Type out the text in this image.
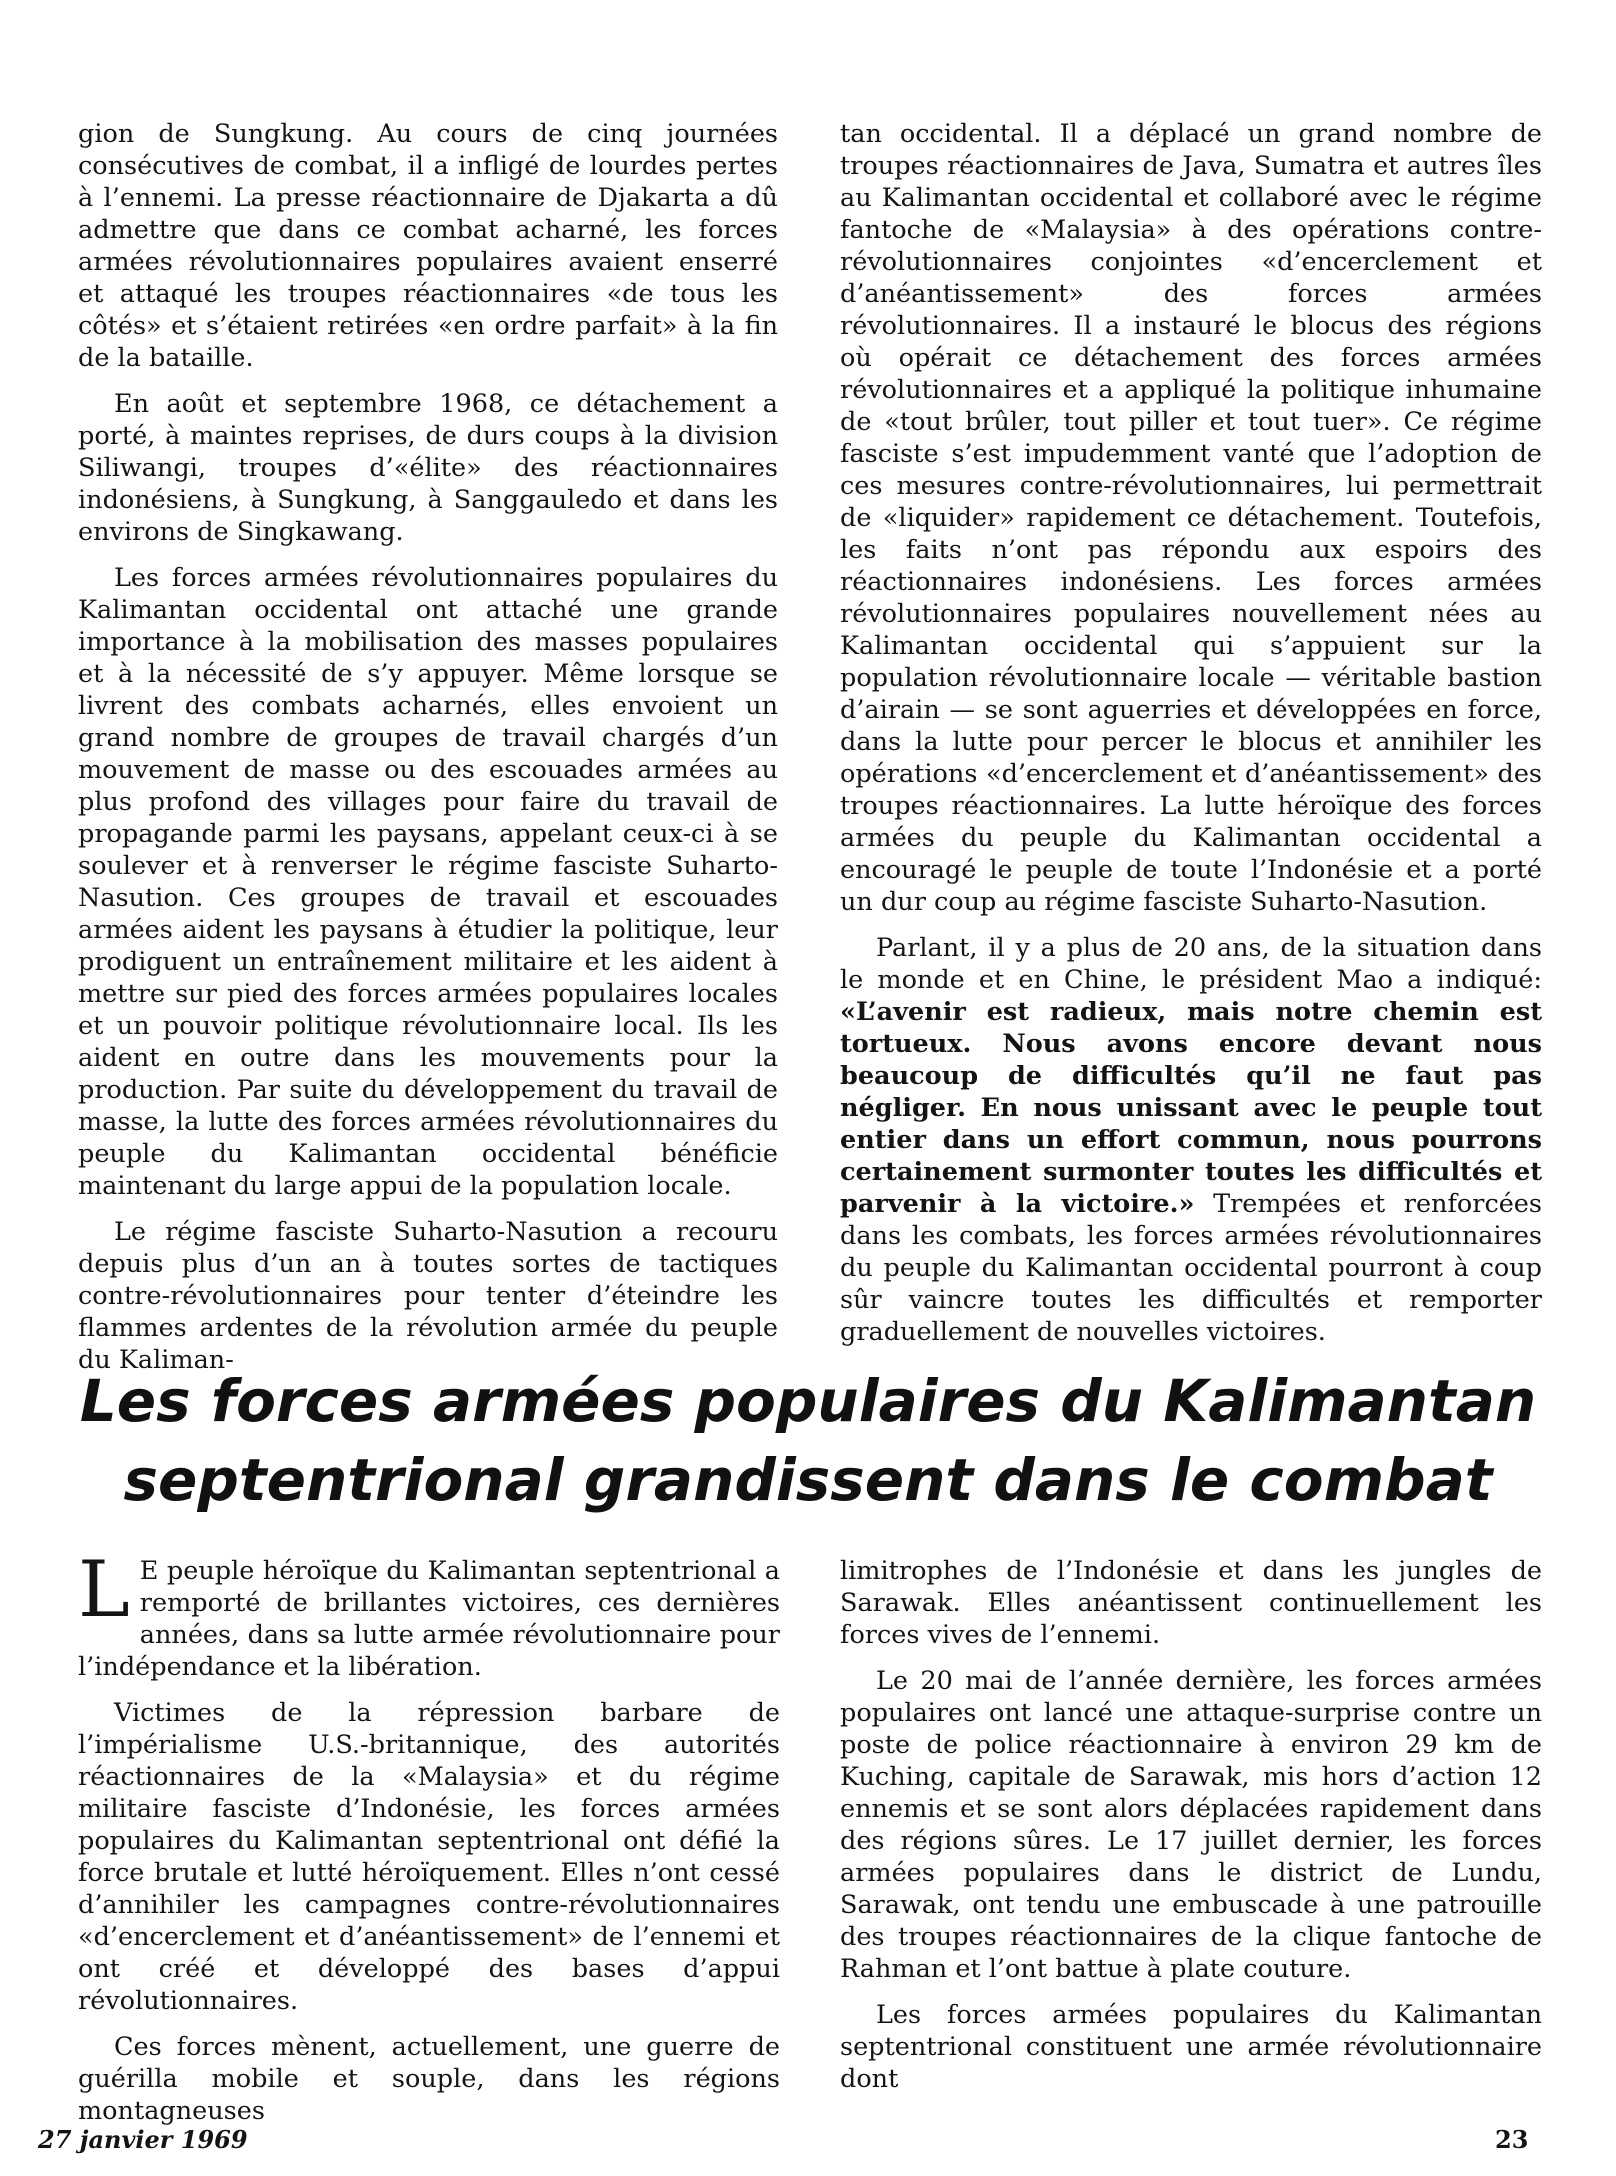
gion de Sungkung. Au cours de cinq journées consécutives de combat, il a infligé de lourdes pertes à l’ennemi. La presse réactionnaire de Djakarta a dû admettre que dans ce combat acharné, les forces armées révolutionnaires populaires avaient enserré et attaqué les troupes réactionnaires «de tous les côtés» et s’étaient retirées «en ordre parfait» à la fin de la bataille.

En août et septembre 1968, ce détachement a porté, à maintes reprises, de durs coups à la division Siliwangi, troupes d’«élite» des réactionnaires indonésiens, à Sungkung, à Sanggauledo et dans les environs de Singkawang.

Les forces armées révolutionnaires populaires du Kalimantan occidental ont attaché une grande importance à la mobilisation des masses populaires et à la nécessité de s’y appuyer. Même lorsque se livrent des combats acharnés, elles envoient un grand nombre de groupes de travail chargés d’un mouvement de masse ou des escouades armées au plus profond des villages pour faire du travail de propagande parmi les paysans, appelant ceux-ci à se soulever et à renverser le régime fasciste Suharto-Nasution. Ces groupes de travail et escouades armées aident les paysans à étudier la politique, leur prodiguent un entraînement militaire et les aident à mettre sur pied des forces armées populaires locales et un pouvoir politique révolutionnaire local. Ils les aident en outre dans les mouvements pour la production. Par suite du développement du travail de masse, la lutte des forces armées révolutionnaires du peuple du Kalimantan occidental bénéficie maintenant du large appui de la population locale.

Le régime fasciste Suharto-Nasution a recouru depuis plus d’un an à toutes sortes de tactiques contre-révolutionnaires pour tenter d’éteindre les flammes ardentes de la révolution armée du peuple du Kaliman-

tan occidental. Il a déplacé un grand nombre de troupes réactionnaires de Java, Sumatra et autres îles au Kalimantan occidental et collaboré avec le régime fantoche de «Malaysia» à des opérations contre-révolutionnaires conjointes «d’encerclement et d’anéantissement» des forces armées révolutionnaires. Il a instauré le blocus des régions où opérait ce détachement des forces armées révolutionnaires et a appliqué la politique inhumaine de «tout brûler, tout piller et tout tuer». Ce régime fasciste s’est impudemment vanté que l’adoption de ces mesures contre-révolutionnaires, lui permettrait de «liquider» rapidement ce détachement. Toutefois, les faits n’ont pas répondu aux espoirs des réactionnaires indonésiens. Les forces armées révolutionnaires populaires nouvellement nées au Kalimantan occidental qui s’appuient sur la population révolutionnaire locale — véritable bastion d’airain — se sont aguerries et développées en force, dans la lutte pour percer le blocus et annihiler les opérations «d’encerclement et d’anéantissement» des troupes réactionnaires. La lutte héroïque des forces armées du peuple du Kalimantan occidental a encouragé le peuple de toute l’Indonésie et a porté un dur coup au régime fasciste Suharto-Nasution.

Parlant, il y a plus de 20 ans, de la situation dans le monde et en Chine, le président Mao a indiqué: «L’avenir est radieux, mais notre chemin est tortueux. Nous avons encore devant nous beaucoup de difficultés qu’il ne faut pas négliger. En nous unissant avec le peuple tout entier dans un effort commun, nous pourrons certainement surmonter toutes les difficultés et parvenir à la victoire.» Trempées et renforcées dans les combats, les forces armées révolutionnaires du peuple du Kalimantan occidental pourront à coup sûr vaincre toutes les difficultés et remporter graduellement de nouvelles victoires.

Les forces armées populaires du Kalimantan
septentrional grandissent dans le combat

L E peuple héroïque du Kalimantan septentrional a remporté de brillantes victoires, ces dernières années, dans sa lutte armée révolutionnaire pour l’indépendance et la libération.

Victimes de la répression barbare de l’impérialisme U.S.-britannique, des autorités réactionnaires de la «Malaysia» et du régime militaire fasciste d’Indonésie, les forces armées populaires du Kalimantan septentrional ont défié la force brutale et lutté héroïquement. Elles n’ont cessé d’annihiler les campagnes contre-révolutionnaires «d’encerclement et d’anéantissement» de l’ennemi et ont créé et développé des bases d’appui révolutionnaires.

Ces forces mènent, actuellement, une guerre de guérilla mobile et souple, dans les régions montagneuses

limitrophes de l’Indonésie et dans les jungles de Sarawak. Elles anéantissent continuellement les forces vives de l’ennemi.

Le 20 mai de l’année dernière, les forces armées populaires ont lancé une attaque-surprise contre un poste de police réactionnaire à environ 29 km de Kuching, capitale de Sarawak, mis hors d’action 12 ennemis et se sont alors déplacées rapidement dans des régions sûres. Le 17 juillet dernier, les forces armées populaires dans le district de Lundu, Sarawak, ont tendu une embuscade à une patrouille des troupes réactionnaires de la clique fantoche de Rahman et l’ont battue à plate couture.

Les forces armées populaires du Kalimantan septentrional constituent une armée révolutionnaire dont

27 janvier 1969	23
